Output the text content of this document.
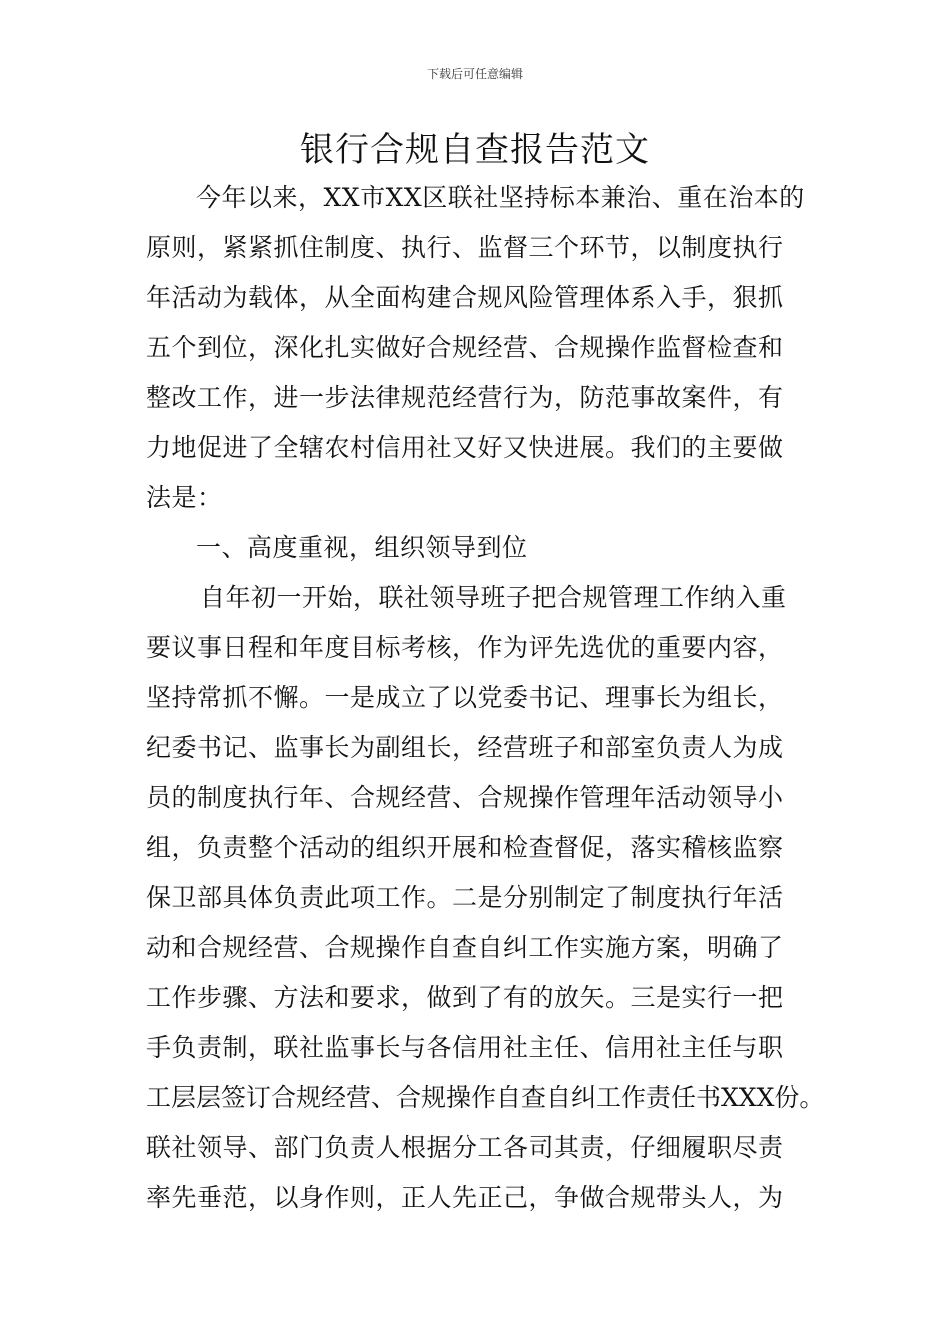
下载后可任意编辑
银行合规自查报告范文
今年以来，XX市XX区联社坚持标本兼治、重在治本的
原则，紧紧抓住制度、执行、监督三个环节，以制度执行
年活动为载体，从全面构建合规风险管理体系入手，狠抓
五个到位，深化扎实做好合规经营、合规操作监督检查和
整改工作，进一步法律规范经营行为，防范事故案件，有
力地促进了全辖农村信用社又好又快进展。我们的主要做
法是：
一、高度重视，组织领导到位
自年初一开始，联社领导班子把合规管理工作纳入重
要议事日程和年度目标考核，作为评先选优的重要内容，
坚持常抓不懈。一是成立了以党委书记、理事长为组长，
纪委书记、监事长为副组长，经营班子和部室负责人为成
员的制度执行年、合规经营、合规操作管理年活动领导小
组，负责整个活动的组织开展和检查督促，落实稽核监察
保卫部具体负责此项工作。二是分别制定了制度执行年活
动和合规经营、合规操作自查自纠工作实施方案，明确了
工作步骤、方法和要求，做到了有的放矢。三是实行一把
手负责制，联社监事长与各信用社主任、信用社主任与职
工层层签订合规经营、合规操作自查自纠工作责任书XXX份。
联社领导、部门负责人根据分工各司其责，仔细履职尽责
率先垂范，以身作则，正人先正己，争做合规带头人，为
